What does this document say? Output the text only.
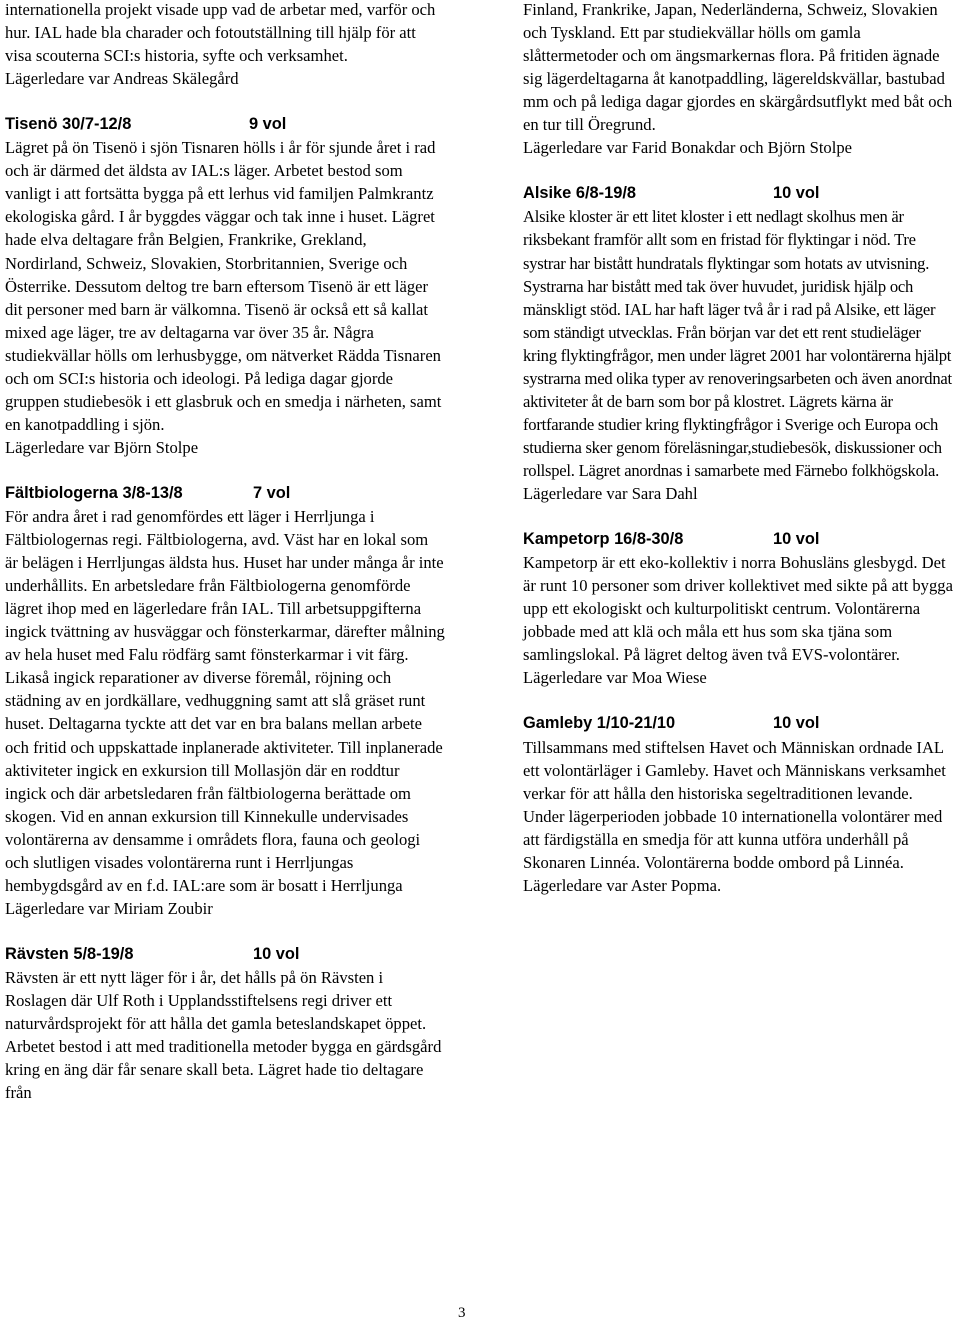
internationella projekt visade upp vad de arbetar med, varför och hur. IAL hade bla charader och fotoutställning till hjälp för att visa scouterna SCI:s historia, syfte och verksamhet.
Lägerledare var Andreas Skälegård
Tisenö 30/7-12/8	9 vol
Lägret på ön Tisenö i sjön Tisnaren hölls i år för sjunde året i rad och är därmed det äldsta av IAL:s läger. Arbetet bestod som vanligt i att fortsätta bygga på ett lerhus vid familjen Palmkrantz ekologiska gård. I år byggdes väggar och tak inne i huset. Lägret hade elva deltagare från Belgien, Frankrike, Grekland, Nordirland, Schweiz, Slovakien, Storbritannien, Sverige och Österrike. Dessutom deltog tre barn eftersom Tisenö är ett läger dit personer med barn är välkomna. Tisenö är också ett så kallat mixed age läger, tre av deltagarna var över 35 år. Några studiekvällar hölls om lerhusbygge, om nätverket Rädda Tisnaren och om SCI:s historia och ideologi. På lediga dagar gjorde gruppen studiebesök i ett glasbruk och en smedja i närheten, samt en kanotpaddling i sjön.
Lägerledare var Björn Stolpe
Fältbiologerna 3/8-13/8	7 vol
För andra året i rad genomfördes ett läger i Herrljunga i Fältbiologernas regi. Fältbiologerna, avd. Väst har en lokal som är belägen i Herrljungas äldsta hus. Huset har under många år inte underhållits. En arbetsledare från Fältbiologerna genomförde lägret ihop med en lägerledare från IAL. Till arbetsuppgifterna ingick tvättning av husväggar och fönsterkarmar, därefter målning av hela huset med Falu rödfärg samt fönsterkarmar i vit färg. Likaså ingick reparationer av diverse föremål, röjning och städning av en jordkällare, vedhuggning samt att slå gräset runt huset. Deltagarna tyckte att det var en bra balans mellan arbete och fritid och uppskattade inplanerade aktiviteter. Till inplanerade aktiviteter ingick en exkursion till Mollasjön där en roddtur ingick och där arbetsledaren från fältbiologerna berättade om skogen. Vid en annan exkursion till Kinnekulle undervisades volontärerna av densamme i områdets flora, fauna och geologi och slutligen visades volontärerna runt i Herrljungas hembygdsgård av en f.d. IAL:are som är bosatt i Herrljunga
Lägerledare var Miriam Zoubir
Rävsten 5/8-19/8	10 vol
Rävsten är ett nytt läger för i år, det hålls på ön Rävsten i Roslagen där Ulf Roth i Upplandsstiftelsens regi driver ett naturvårdsprojekt för att hålla det gamla beteslandskapet öppet. Arbetet bestod i att med traditionella metoder bygga en gärdsgård kring en äng där får senare skall beta. Lägret hade tio deltagare från
Finland, Frankrike, Japan, Nederländerna, Schweiz, Slovakien och Tyskland. Ett par studiekvällar hölls om gamla slåttermetoder och om ängsmarkernas flora. På fritiden ägnade sig lägerdeltagarna åt kanotpaddling, lägereldskvällar, bastubad mm och på lediga dagar gjordes en skärgårdsutflykt med båt och en tur till Öregrund.
Lägerledare var Farid Bonakdar och Björn Stolpe
Alsike 6/8-19/8	10 vol
Alsike kloster är ett litet kloster i ett nedlagt skolhus men är riksbekant framför allt som en fristad för flyktingar i nöd. Tre systrar har bistått hundratals flyktingar som hotats av utvisning. Systrarna har bistått med tak över huvudet, juridisk hjälp och mänskligt stöd. IAL har haft läger två år i rad på Alsike, ett läger som ständigt utvecklas. Från början var det ett rent studieläger kring flyktingfrågor, men under lägret 2001 har volontärerna hjälpt systrarna med olika typer av renoveringsarbeten och även anordnat aktiviteter åt de barn som bor på klostret. Lägrets kärna är fortfarande studier kring flyktingfrågor i Sverige och Europa och studierna sker genom föreläsningar,studiebesök, diskussioner och rollspel. Lägret anordnas i samarbete med Färnebo folkhögskola.
Lägerledare var Sara Dahl
Kampetorp 16/8-30/8	10 vol
Kampetorp är ett eko-kollektiv i norra Bohusläns glesbygd. Det är runt 10 personer som driver kollektivet med sikte på att bygga upp ett ekologiskt och kulturpolitiskt centrum. Volontärerna jobbade med att klä och måla ett hus som ska tjäna som samlingslokal. På lägret deltog även två EVS-volontärer.
Lägerledare var Moa Wiese
Gamleby 1/10-21/10	10 vol
Tillsammans med stiftelsen Havet och Människan ordnade IAL ett volontärläger i Gamleby. Havet och Människans verksamhet verkar för att hålla den historiska segeltraditionen levande. Under lägerperioden jobbade 10 internationella volontärer med att färdigställa en smedja för att kunna utföra underhåll på Skonaren Linnéa. Volontärerna bodde ombord på Linnéa.
Lägerledare var Aster Popma.
3
